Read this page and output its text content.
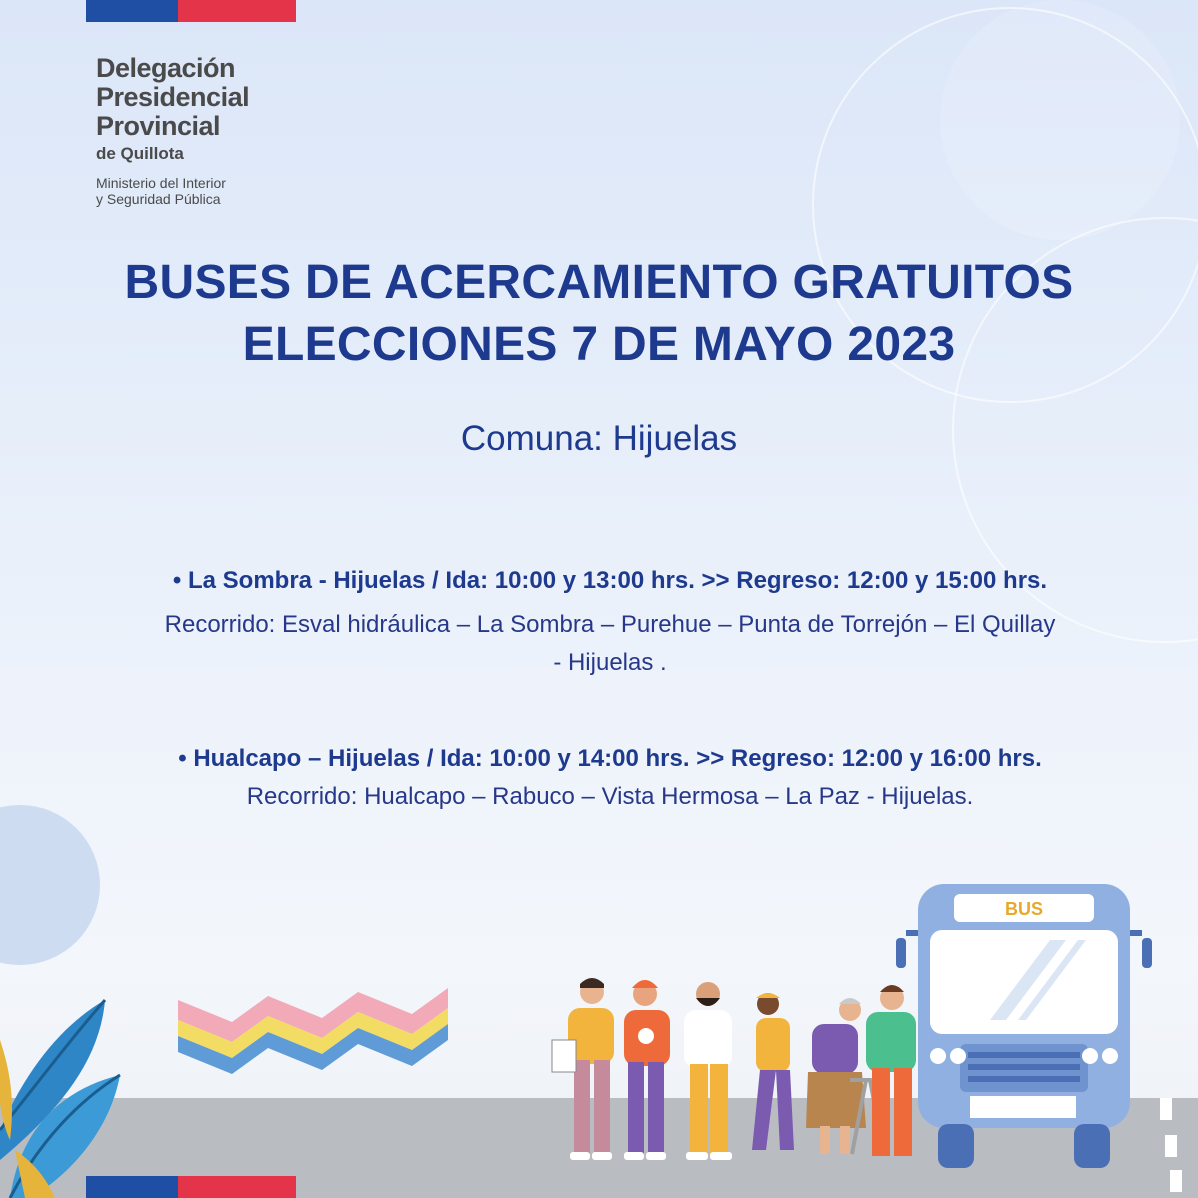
Delegación
Presidencial
Provincial
de Quillota
Ministerio del Interior
y Seguridad Pública
BUSES DE ACERCAMIENTO GRATUITOS
ELECCIONES 7 DE MAYO 2023
Comuna: Hijuelas
• La Sombra - Hijuelas / Ida: 10:00 y 13:00 hrs. >> Regreso: 12:00 y 15:00 hrs.
Recorrido: Esval hidráulica – La Sombra – Purehue – Punta de Torrejón – El Quillay
- Hijuelas .
• Hualcapo – Hijuelas / Ida: 10:00 y 14:00 hrs. >> Regreso: 12:00 y 16:00 hrs.
Recorrido: Hualcapo – Rabuco – Vista Hermosa – La Paz - Hijuelas.
BUS
